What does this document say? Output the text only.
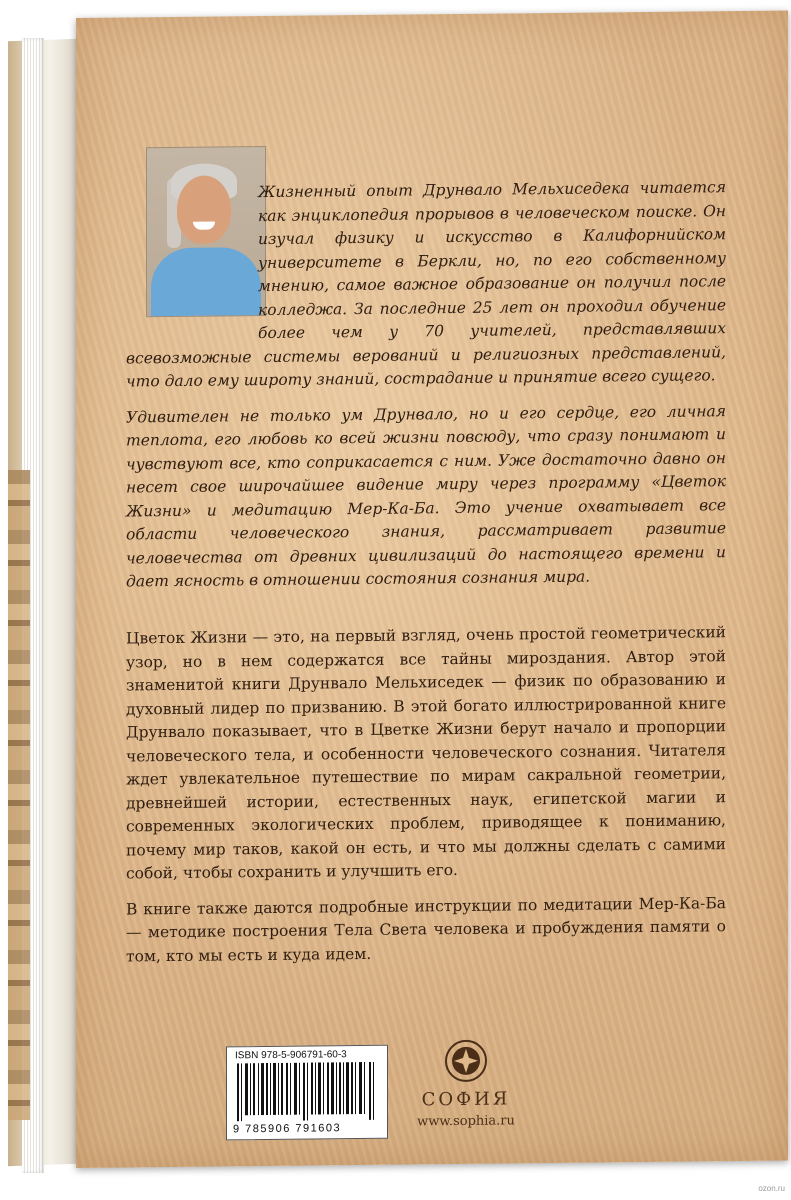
Жизненный опыт Друнвало Мельхиседека читается как энциклопедия прорывов в человеческом поиске. Он изучал физику и искусство в Калифорнийском университете в Беркли, но, по его собственному мнению, самое важное образование он получил после колледжа. За последние 25 лет он проходил обучение более чем у 70 учителей, представлявших всевозможные системы верований и религиозных представлений, что дало ему широту знаний, сострадание и принятие всего сущего.

Удивителен не только ум Друнвало, но и его сердце, его личная теплота, его любовь ко всей жизни повсюду, что сразу понимают и чувствуют все, кто соприкасается с ним. Уже достаточно давно он несет свое широчайшее видение миру через программу «Цветок Жизни» и медитацию Мер-Ка-Ба. Это учение охватывает все области человеческого знания, рассматривает развитие человечества от древних цивилизаций до настоящего времени и дает ясность в отношении состояния сознания мира.

Цветок Жизни — это, на первый взгляд, очень простой геометрический узор, но в нем содержатся все тайны мироздания. Автор этой знаменитой книги Друнвало Мельхиседек — физик по образованию и духовный лидер по призванию. В этой богато иллюстрированной книге Друнвало показывает, что в Цветке Жизни берут начало и пропорции человеческого тела, и особенности человеческого сознания. Читателя ждет увлекательное путешествие по мирам сакральной геометрии, древнейшей истории, естественных наук, египетской магии и современных экологических проблем, приводящее к пониманию, почему мир таков, какой он есть, и что мы должны сделать с самими собой, чтобы сохранить и улучшить его.

В книге также даются подробные инструкции по медитации Мер-Ка-Ба — методике построения Тела Света человека и пробуждения памяти о том, кто мы есть и куда идем.

ISBN 978-5-906791-60-3
9 785906 791603
СОФИЯ
www.sophia.ru
ozon.ru
